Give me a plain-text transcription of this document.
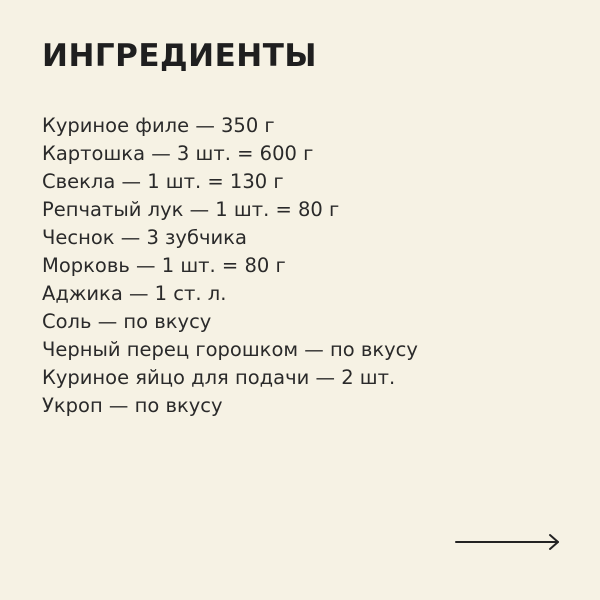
ИНГРЕДИЕНТЫ
Куриное филе — 350 г
Картошка — 3 шт. = 600 г
Свекла — 1 шт. = 130 г
Репчатый лук — 1 шт. = 80 г
Чеснок — 3 зубчика
Морковь — 1 шт. = 80 г
Аджика — 1 ст. л.
Соль — по вкусу
Черный перец горошком — по вкусу
Куриное яйцо для подачи — 2 шт.
Укроп — по вкусу
